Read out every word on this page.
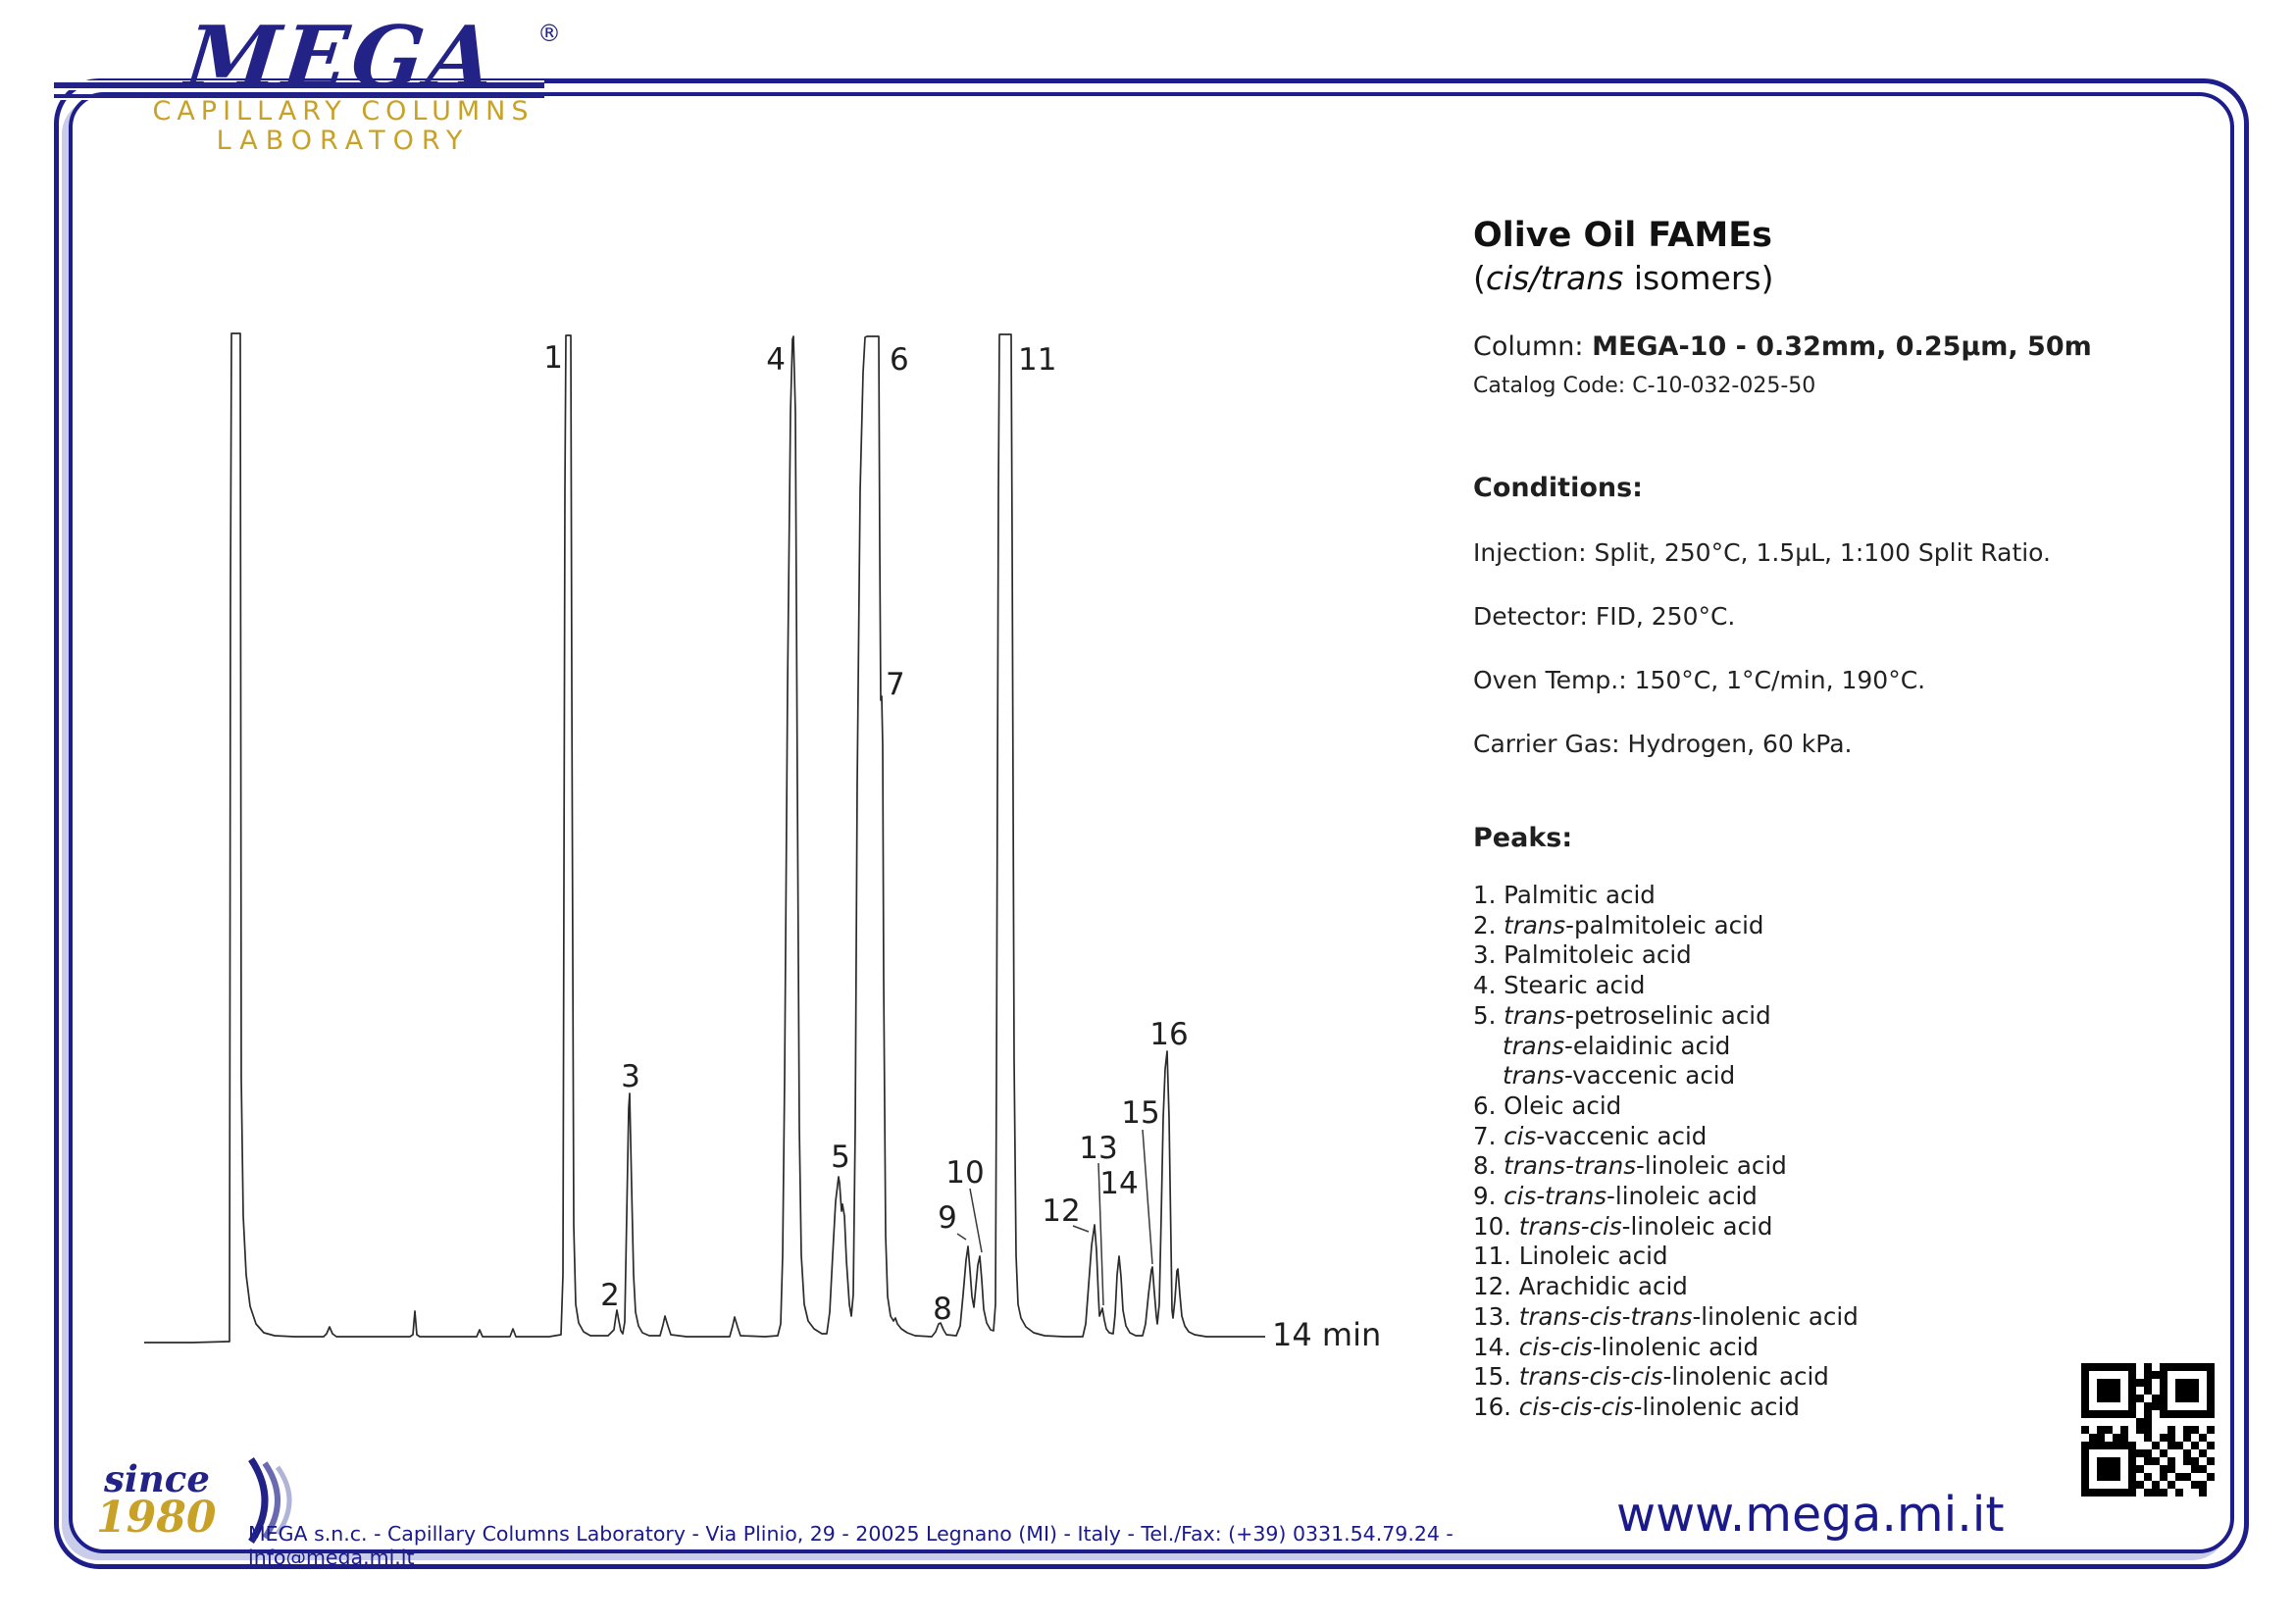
MEGA ®
CAPILLARY COLUMNS
LABORATORY
1
2
3
4
5
6
7
8
9
10
11
12
13
14
15
16
14 min
Olive Oil FAMEs
(cis/trans isomers)
Column: MEGA-10 - 0.32mm, 0.25µm, 50m
Catalog Code: C-10-032-025-50
Conditions:
Injection: Split, 250°C, 1.5µL, 1:100 Split Ratio.
Detector: FID, 250°C.
Oven Temp.: 150°C, 1°C/min, 190°C.
Carrier Gas: Hydrogen, 60 kPa.
Peaks:
1. Palmitic acid
2. trans-palmitoleic acid
3. Palmitoleic acid
4. Stearic acid
5. trans-petroselinic acid
trans-elaidinic acid
trans-vaccenic acid
6. Oleic acid
7. cis-vaccenic acid
8. trans-trans-linoleic acid
9. cis-trans-linoleic acid
10. trans-cis-linoleic acid
11. Linoleic acid
12. Arachidic acid
13. trans-cis-trans-linolenic acid
14. cis-cis-linolenic acid
15. trans-cis-cis-linolenic acid
16. cis-cis-cis-linolenic acid
since
1980 MEGA s.n.c. - Capillary Columns Laboratory - Via Plinio, 29 - 20025 Legnano (MI) - Italy - Tel./Fax: (+39) 0331.54.79.24 - info@mega.mi.it
www.mega.mi.it
